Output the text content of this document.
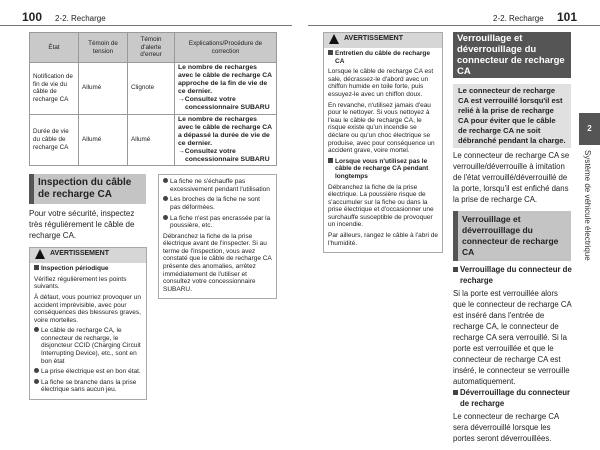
100 2-2. Recharge	2-2. Recharge 101
État	Témoin de tension	Témoin d'alerte d'erreur	Explications/Procédure de correction
Notification de fin de vie du câble de recharge CA	Allumé	Clignote	Le nombre de recharges avec le câble de recharge CA approche de la fin de vie de ce dernier.
→Consultez votre concessionnaire SUBARU

Durée de vie du câble de recharge CA	Allumé	Allumé	Le nombre de recharges avec le câble de recharge CA a dépassé la durée de vie de ce dernier.
→Consultez votre concessionnaire SUBARU
Inspection du câble de recharge CA
Pour votre sécurité, inspectez très régulièrement le câble de recharge CA.
AVERTISSEMENT

Inspection périodique

Vérifiez régulièrement les points suivants.

À défaut, vous pourriez provoquer un accident imprévisible, avec pour conséquences des blessures graves, voire mortelles.

Le câble de recharge CA, le connecteur de recharge, le disjoncteur CCID (Charging Circuit Interrupting Device), etc., sont en bon état

La prise électrique est en bon état.

La fiche se branche dans la prise électrique sans aucun jeu.

La fiche ne s'échauffe pas excessivement pendant l'utilisation

Les broches de la fiche ne sont pas déformées.

La fiche n'est pas encrassée par la poussière, etc.

Débranchez la fiche de la prise électrique avant de l'inspecter. Si au terme de l'inspection, vous avez constaté que le câble de recharge CA présente des anomalies, arrêtez immédiatement de l'utiliser et consultez votre concessionnaire SUBARU.

AVERTISSEMENT

Entretien du câble de recharge CA

Lorsque le câble de recharge CA est sale, décrassez-le d'abord avec un chiffon humide en toile forte, puis essuyez-le avec un chiffon doux.

En revanche, n'utilisez jamais d'eau pour le nettoyer. Si vous nettoyez à l'eau le câble de recharge CA, le risque existe qu'un incendie se déclare ou qu'un choc électrique se produise, avec pour conséquence un accident grave, voire mortel.

Lorsque vous n'utilisez pas le câble de recharge CA pendant longtemps

Débranchez la fiche de la prise électrique. La poussière risque de s'accumuler sur la fiche ou dans la prise électrique et d'occasionner une surchauffe susceptible de provoquer un incendie.

Par ailleurs, rangez le câble à l'abri de l'humidité.

Verrouillage et déverrouillage du connecteur de recharge CA
Le connecteur de recharge CA est verrouillé lorsqu'il est relié à la prise de recharge CA pour éviter que le câble de recharge CA ne soit débranché pendant la charge.
Le connecteur de recharge CA se verrouille/déverrouille à imitation de l'état verrouillé/déverrouillé de la porte, lorsqu'il est enfiché dans la prise de recharge CA.
Verrouillage et déverrouillage du connecteur de recharge CA
Verrouillage du connecteur de recharge
Si la porte est verrouillée alors que le connecteur de recharge CA est inséré dans l'entrée de recharge CA, le connecteur de recharge CA sera verrouillé. Si la porte est verrouillée et que le connecteur de recharge CA est inséré, le connecteur se verrouille automatiquement.
Déverrouillage du connecteur de recharge
Le connecteur de recharge CA sera déverrouillé lorsque les portes seront déverrouillées.
2
Système de véhicule électrique
